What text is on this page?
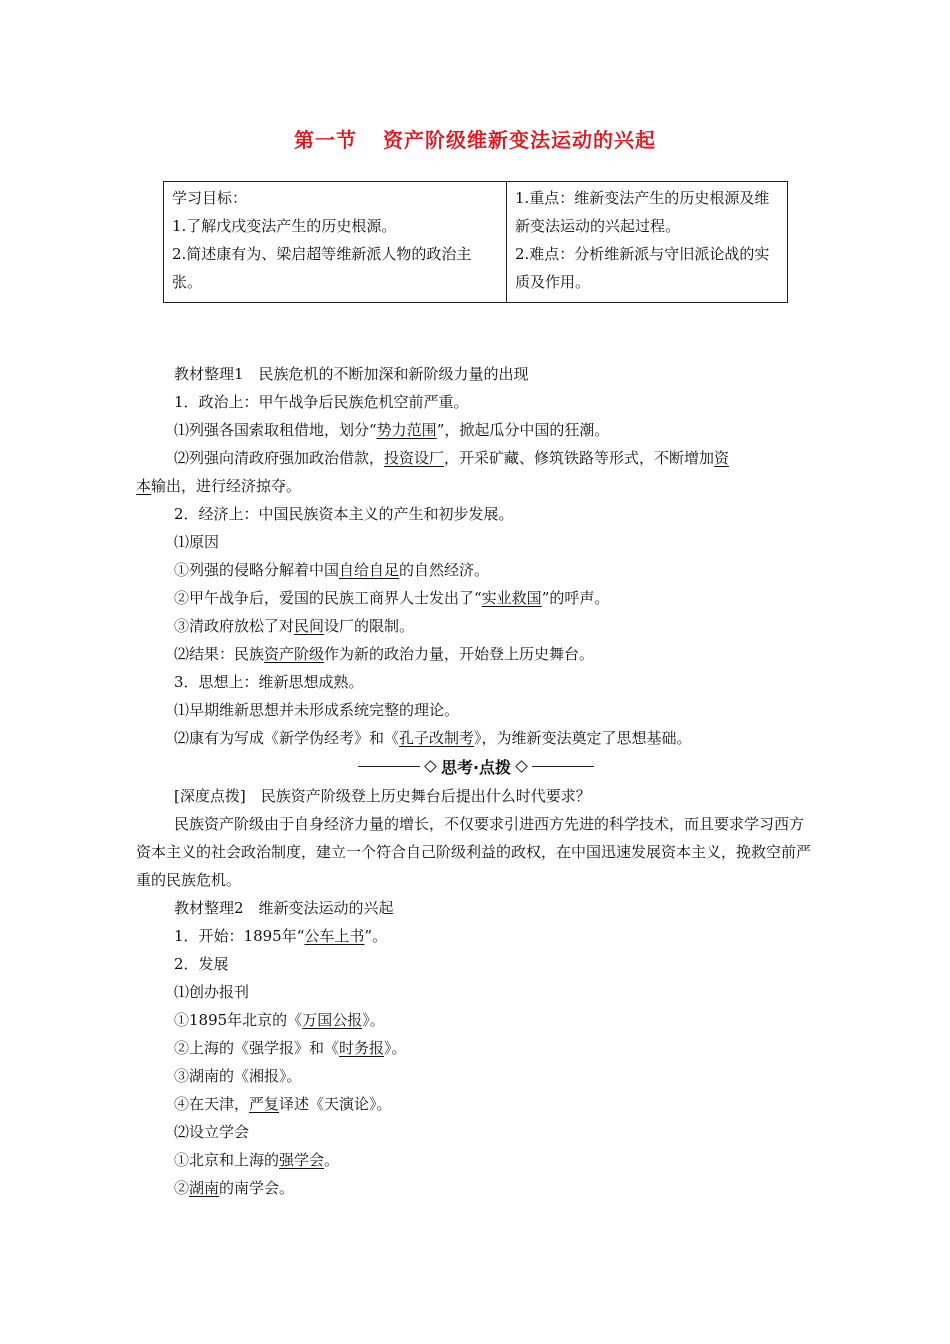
第一节 资产阶级维新变法运动的兴起
学习目标：
1.了解戊戌变法产生的历史根源。
2.简述康有为、梁启超等维新派人物的政治主张。

1.重点：维新变法产生的历史根源及维新变法运动的兴起过程。
2.难点：分析维新派与守旧派论战的实质及作用。
教材整理1　民族危机的不断加深和新阶级力量的出现
1．政治上：甲午战争后民族危机空前严重。
⑴列强各国索取租借地，划分“势力范围”，掀起瓜分中国的狂潮。
⑵列强向清政府强加政治借款，投资设厂，开采矿藏、修筑铁路等形式，不断增加资
本输出，进行经济掠夺。
2．经济上：中国民族资本主义的产生和初步发展。
⑴原因
①列强的侵略分解着中国自给自足的自然经济。
②甲午战争后，爱国的民族工商界人士发出了“实业救国”的呼声。
③清政府放松了对民间设厂的限制。
⑵结果：民族资产阶级作为新的政治力量，开始登上历史舞台。
3．思想上：维新思想成熟。
⑴早期维新思想并未形成系统完整的理论。
⑵康有为写成《新学伪经考》和《孔子改制考》，为维新变法奠定了思想基础。
思考·点拨
[深度点拨]　民族资产阶级登上历史舞台后提出什么时代要求？
民族资产阶级由于自身经济力量的增长，不仅要求引进西方先进的科学技术，而且要求学习西方资本主义的社会政治制度，建立一个符合自己阶级利益的政权，在中国迅速发展资本主义，挽救空前严重的民族危机。
教材整理2　维新变法运动的兴起
1．开始：1895年“公车上书”。
2．发展
⑴创办报刊
①1895年北京的《万国公报》。
②上海的《强学报》和《时务报》。
③湖南的《湘报》。
④在天津，严复译述《天演论》。
⑵设立学会
①北京和上海的强学会。
②湖南的南学会。
